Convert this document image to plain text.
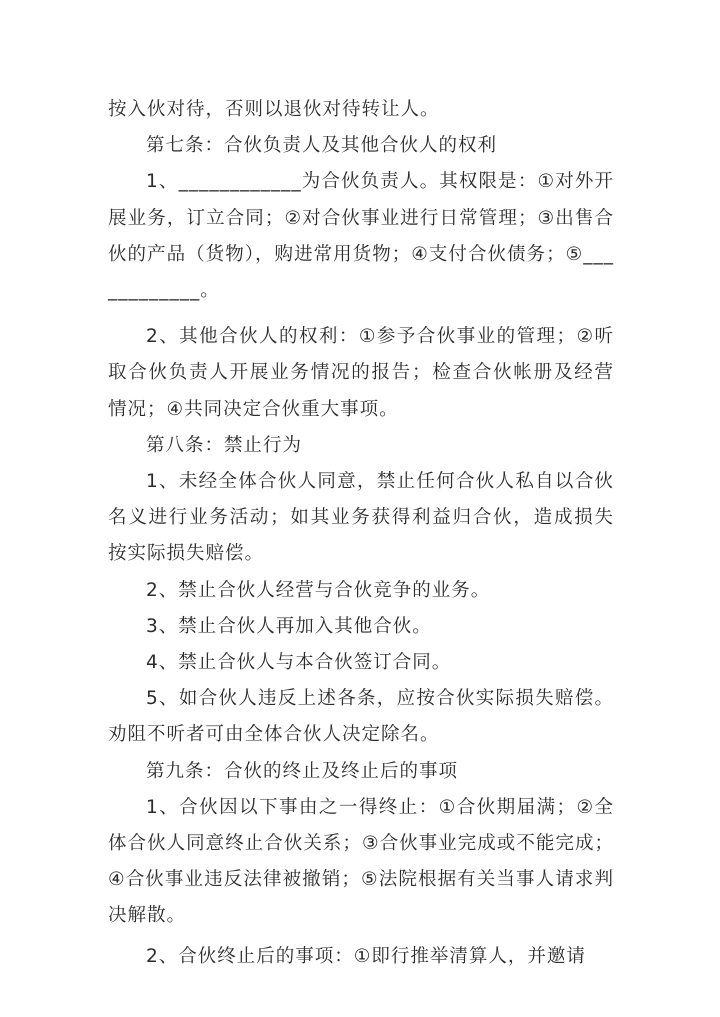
按入伙对待，否则以退伙对待转让人。

第七条：合伙负责人及其他合伙人的权利

1、____________为合伙负责人。其权限是：①对外开展业务，订立合同；②对合伙事业进行日常管理；③出售合伙的产品（货物），购进常用货物；④支付合伙债务；⑤____________。

2、其他合伙人的权利：①参予合伙事业的管理；②听取合伙负责人开展业务情况的报告；检查合伙帐册及经营情况；④共同决定合伙重大事项。

第八条：禁止行为

1、未经全体合伙人同意，禁止任何合伙人私自以合伙名义进行业务活动；如其业务获得利益归合伙，造成损失按实际损失赔偿。

2、禁止合伙人经营与合伙竞争的业务。

3、禁止合伙人再加入其他合伙。

4、禁止合伙人与本合伙签订合同。

5、如合伙人违反上述各条，应按合伙实际损失赔偿。劝阻不听者可由全体合伙人决定除名。

第九条：合伙的终止及终止后的事项

1、合伙因以下事由之一得终止：①合伙期届满；②全体合伙人同意终止合伙关系；③合伙事业完成或不能完成；④合伙事业违反法律被撤销；⑤法院根据有关当事人请求判决解散。

2、合伙终止后的事项：①即行推举清算人，并邀请
